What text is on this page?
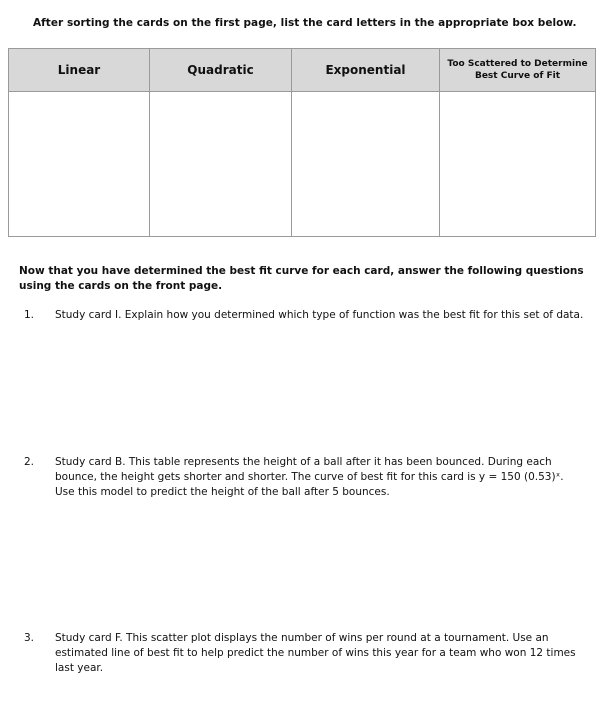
After sorting the cards on the first page, list the card letters in the appropriate box below.
Linear	Quadratic	Exponential	Too Scattered to Determine
Best Curve of Fit

Now that you have determined the best fit curve for each card, answer the following questions using the cards on the front page.
1.	Study card I. Explain how you determined which type of function was the best fit for this set of data.
2.	Study card B. This table represents the height of a ball after it has been bounced. During each bounce, the height gets shorter and shorter. The curve of best fit for this card is y = 150 (0.53)ˣ. Use this model to predict the height of the ball after 5 bounces.
3.	Study card F. This scatter plot displays the number of wins per round at a tournament. Use an estimated line of best fit to help predict the number of wins this year for a team who won 12 times last year.
